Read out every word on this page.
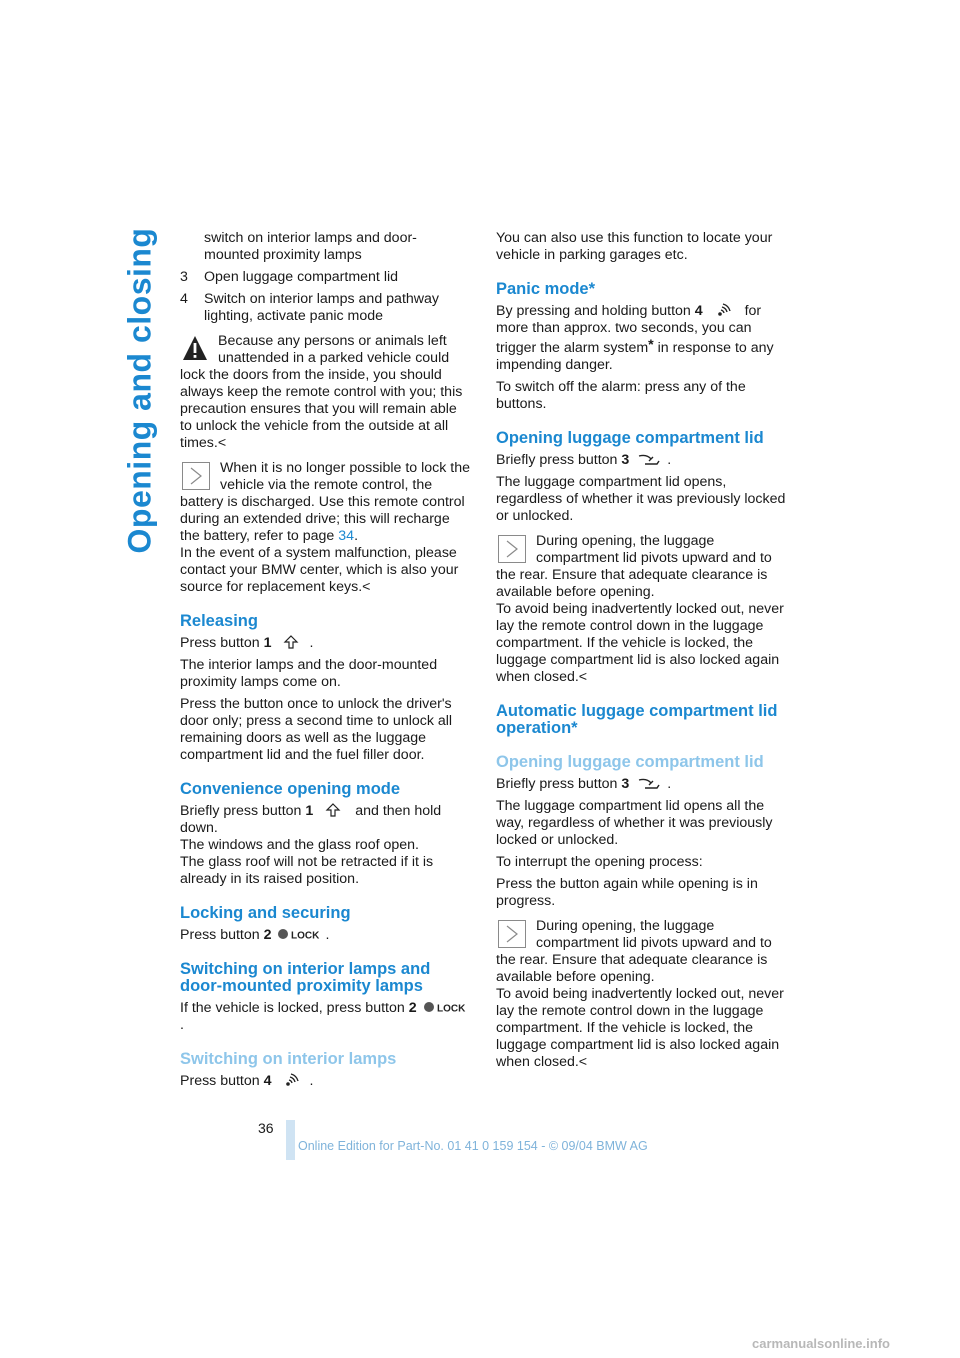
Opening and closing	switch on interior lamps and door-mounted proximity lamps

3	Open luggage compartment lid
4	Switch on interior lamps and pathway lighting, activate panic mode
Because any persons or animals left unattended in a parked vehicle could lock the doors from the inside, you should always keep the remote control with you; this precaution ensures that you will remain able to unlock the vehicle from the outside at all times.<
When it is no longer possible to lock the vehicle via the remote control, the battery is discharged. Use this remote control during an extended drive; this will recharge the battery, refer to page 34.
In the event of a system malfunction, please contact your BMW center, which is also your source for replacement keys.<
Releasing

Press button 1	.

The interior lamps and the door-mounted proximity lamps come on.

Press the button once to unlock the driver's door only; press a second time to unlock all remaining doors as well as the luggage compartment lid and the fuel filler door.

Convenience opening mode

Briefly press button 1	and then hold down.
The windows and the glass roof open.
The glass roof will not be retracted if it is already in its raised position.

Locking and securing

Press button 2 LOCK .

Switching on interior lamps and door-mounted proximity lamps

If the vehicle is locked, press button 2 LOCK
.

Switching on interior lamps

Press button 4	.

You can also use this function to locate your vehicle in parking garages etc.

Panic mode*

By pressing and holding button 4	for more than approx. two seconds, you can trigger the alarm system* in response to any impending danger.

To switch off the alarm: press any of the buttons.

Opening luggage compartment lid

Briefly press button 3	.

The luggage compartment lid opens, regardless of whether it was previously locked or unlocked.

During opening, the luggage compartment lid pivots upward and to the rear. Ensure that adequate clearance is available before opening.
To avoid being inadvertently locked out, never lay the remote control down in the luggage compartment. If the vehicle is locked, the luggage compartment lid is also locked again when closed.<
Automatic luggage compartment lid operation*
Opening luggage compartment lid

Briefly press button 3	.

The luggage compartment lid opens all the way, regardless of whether it was previously locked or unlocked.

To interrupt the opening process:

Press the button again while opening is in progress.

During opening, the luggage compartment lid pivots upward and to the rear. Ensure that adequate clearance is available before opening.
To avoid being inadvertently locked out, never lay the remote control down in the luggage compartment. If the vehicle is locked, the luggage compartment lid is also locked again when closed.<
36
Online Edition for Part-No. 01 41 0 159 154 - © 09/04 BMW AG
carmanualsonline.info
